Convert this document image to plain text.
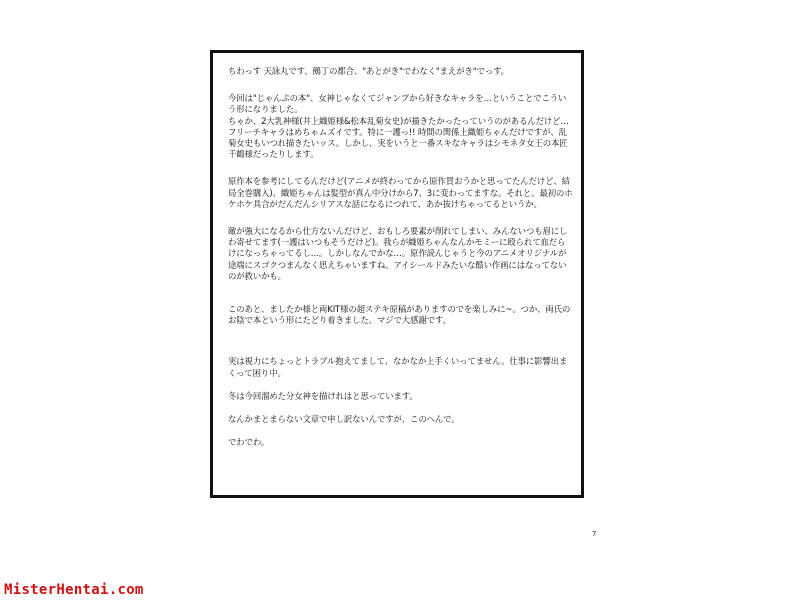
ちわっす 天詠丸です、鵺丁の都合、"あとがき"でわなく"まえがき"でっす。

今回は"じゃんぷの本"、女神じゃなくてジャンプから好きなキャラを…ということでこういう形になりました。
ちゃか、2大乳神様(井上織姫様&松本乱菊女史)が描きたかったっていうのがあるんだけど…フリーチキャラはめちゃムズイです。特に一護っ!! 時間の関係上織姫ちゃんだけですが、乱菊女史もいつれ描きたいッス。しかし、実をいうと一番スキなキャラはシモネタ女王の本匠千鶴様だったりします。

原作本を参考にしてるんだけど(アニメが終わってから原作買おうかと思ってたんだけど、結局全巻購入)、織姫ちゃんは髪型が真ん中分けから7、3に変わってますな。それと、最初のホケホケ具合がだんだんシリアスな話になるにつれて、あか抜けちゃってるというか。

敵が強大になるから仕方ないんだけど、おもしろ要素が削れてしまい、みんないつも眉にしわ寄せてます(一護はいつもそうだけど)。我らが織姫ちゃんなんかモミーに殴られて血だらけになっちゃってるし…。しかしなんでかな…。原作読んじゃうと今のアニメオリジナルが途端にスゴクつまんなく思えちゃいますね。アイシールドみたいな酷い作画にはなってないのが救いかも。

このあと、ましたか様と両KIT様の超ステキ原稿がありますのでを楽しみに~。つか、両氏のお陰で本という形にたどり着きました。マジで大感謝です。

実は視力にちょっとトラブル抱えてまして、なかなか上手くいってません。仕事に影響出まくって困り中。

冬は今回溜めた分女神を描けれはと思っています。

なんかまとまらない文章で申し訳ないんですが、このへんで。

でわでわ。

7
MisterHentai.com
